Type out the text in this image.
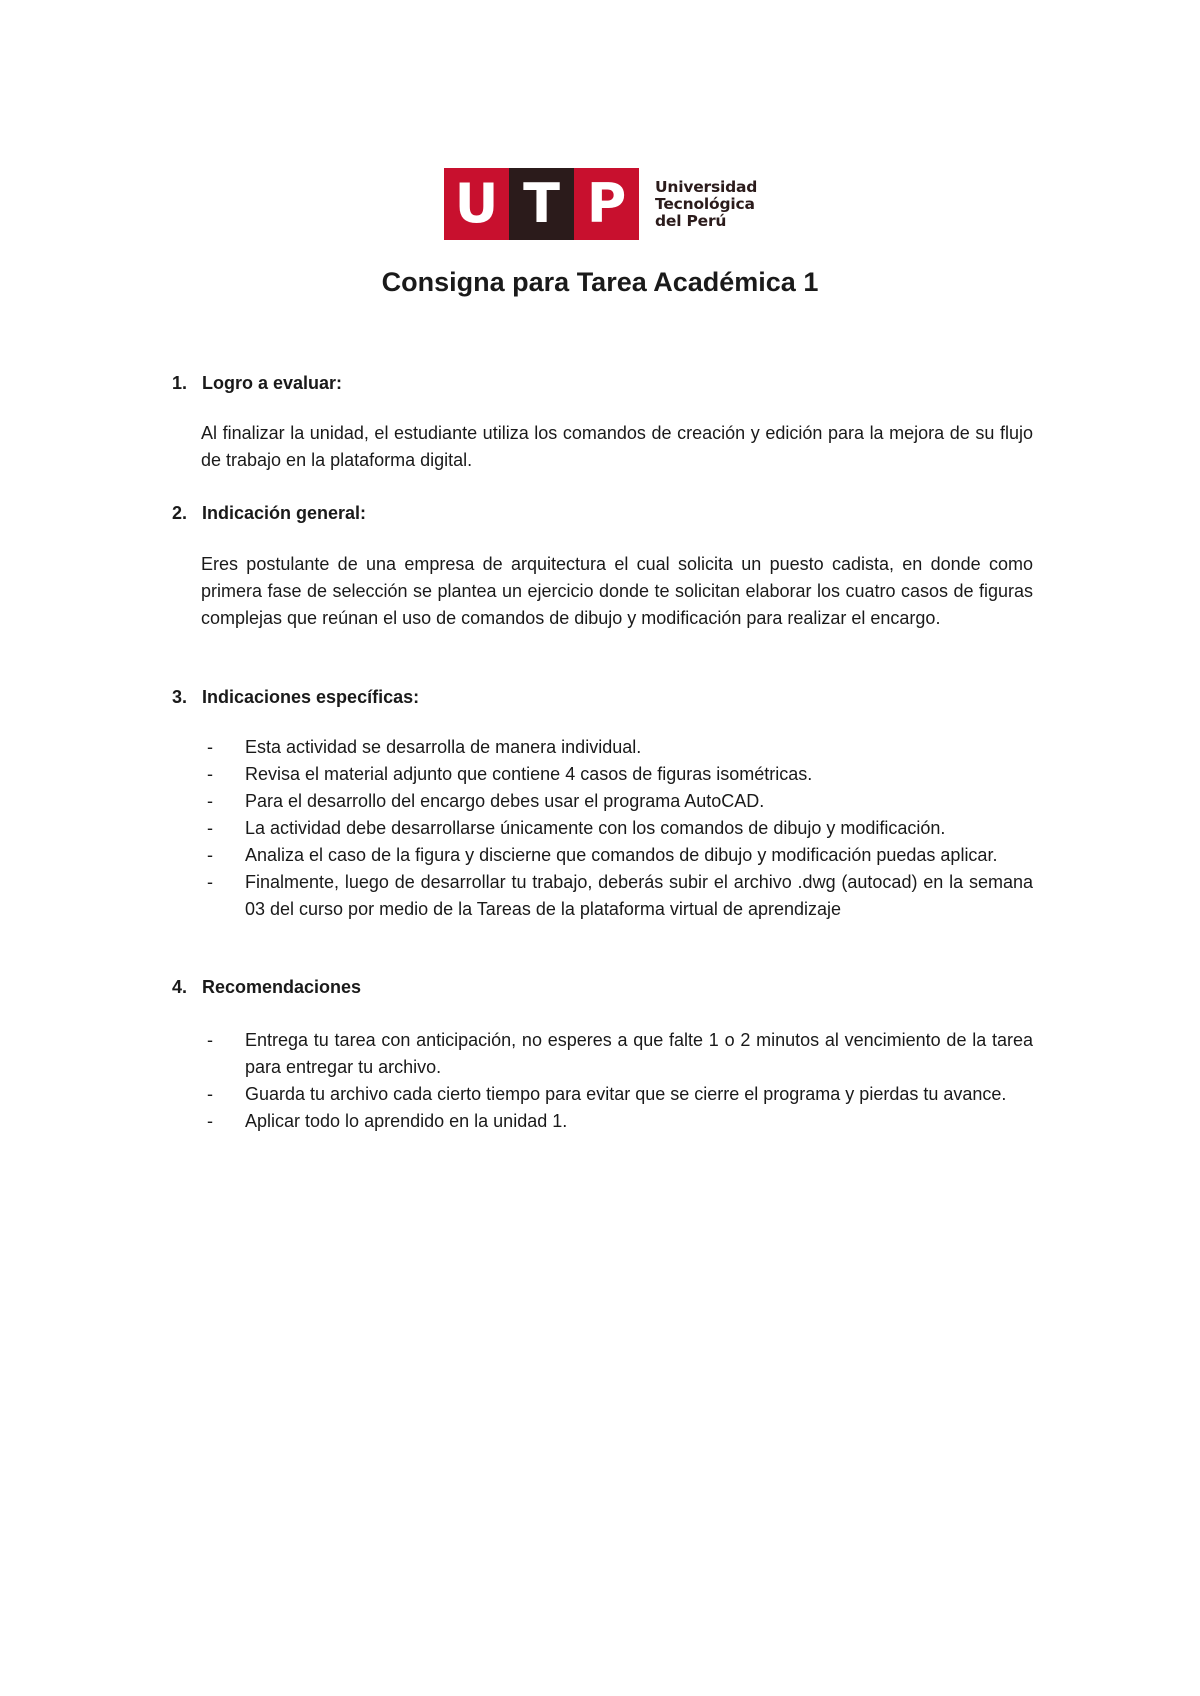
U T P	Universidad
Tecnológica
del Perú
Consigna para Tarea Académica 1
1. Logro a evaluar:

Al finalizar la unidad, el estudiante utiliza los comandos de creación y edición para la mejora de su flujo de trabajo en la plataforma digital.

2. Indicación general:

Eres postulante de una empresa de arquitectura el cual solicita un puesto cadista, en donde como primera fase de selección se plantea un ejercicio donde te solicitan elaborar los cuatro casos de figuras complejas que reúnan el uso de comandos de dibujo y modificación para realizar el encargo.

3. Indicaciones específicas:
- Esta actividad se desarrolla de manera individual.
- Revisa el material adjunto que contiene 4 casos de figuras isométricas.
- Para el desarrollo del encargo debes usar el programa AutoCAD.
- La actividad debe desarrollarse únicamente con los comandos de dibujo y modificación.
- Analiza el caso de la figura y discierne que comandos de dibujo y modificación puedas aplicar.
- Finalmente, luego de desarrollar tu trabajo, deberás subir el archivo .dwg (autocad) en la semana 03 del curso por medio de la Tareas de la plataforma virtual de aprendizaje
4. Recomendaciones
- Entrega tu tarea con anticipación, no esperes a que falte 1 o 2 minutos al vencimiento de la tarea para entregar tu archivo.
- Guarda tu archivo cada cierto tiempo para evitar que se cierre el programa y pierdas tu avance.
- Aplicar todo lo aprendido en la unidad 1.
